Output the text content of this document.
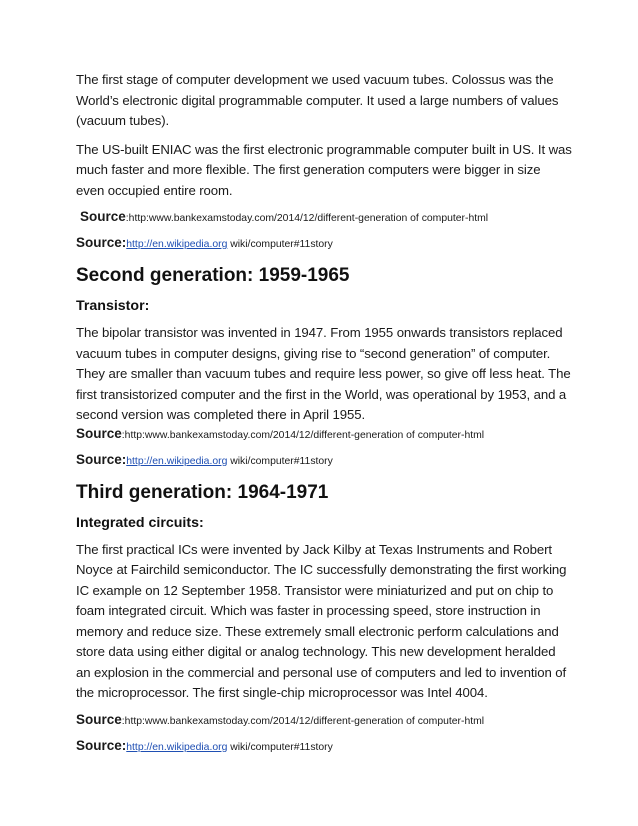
The first stage of computer development we used vacuum tubes. Colossus was the World’s electronic digital programmable computer. It used a large numbers of values (vacuum tubes).

The US-built ENIAC was the first electronic programmable computer built in US. It was much faster and more flexible. The first generation computers were bigger in size even occupied entire room.

Source:http:www.bankexamstoday.com/2014/12/different-generation of computer-html

Source:http://en.wikipedia.org wiki/computer#11story

Second generation: 1959-1965
Transistor:

The bipolar transistor was invented in 1947. From 1955 onwards transistors replaced vacuum tubes in computer designs, giving rise to “second generation” of computer. They are smaller than vacuum tubes and require less power, so give off less heat. The first transistorized computer and the first in the World, was operational by 1953, and a second version was completed there in April 1955.

Source:http:www.bankexamstoday.com/2014/12/different-generation of computer-html

Source:http://en.wikipedia.org wiki/computer#11story

Third generation: 1964-1971
Integrated circuits:

The first practical ICs were invented by Jack Kilby at Texas Instruments and Robert Noyce at Fairchild semiconductor. The IC successfully demonstrating the first working IC example on 12 September 1958. Transistor were miniaturized and put on chip to foam integrated circuit. Which was faster in processing speed, store instruction in memory and reduce size. These extremely small electronic perform calculations and store data using either digital or analog technology. This new development heralded an explosion in the commercial and personal use of computers and led to invention of the microprocessor. The first single-chip microprocessor was Intel 4004.

Source:http:www.bankexamstoday.com/2014/12/different-generation of computer-html

Source:http://en.wikipedia.org wiki/computer#11story
